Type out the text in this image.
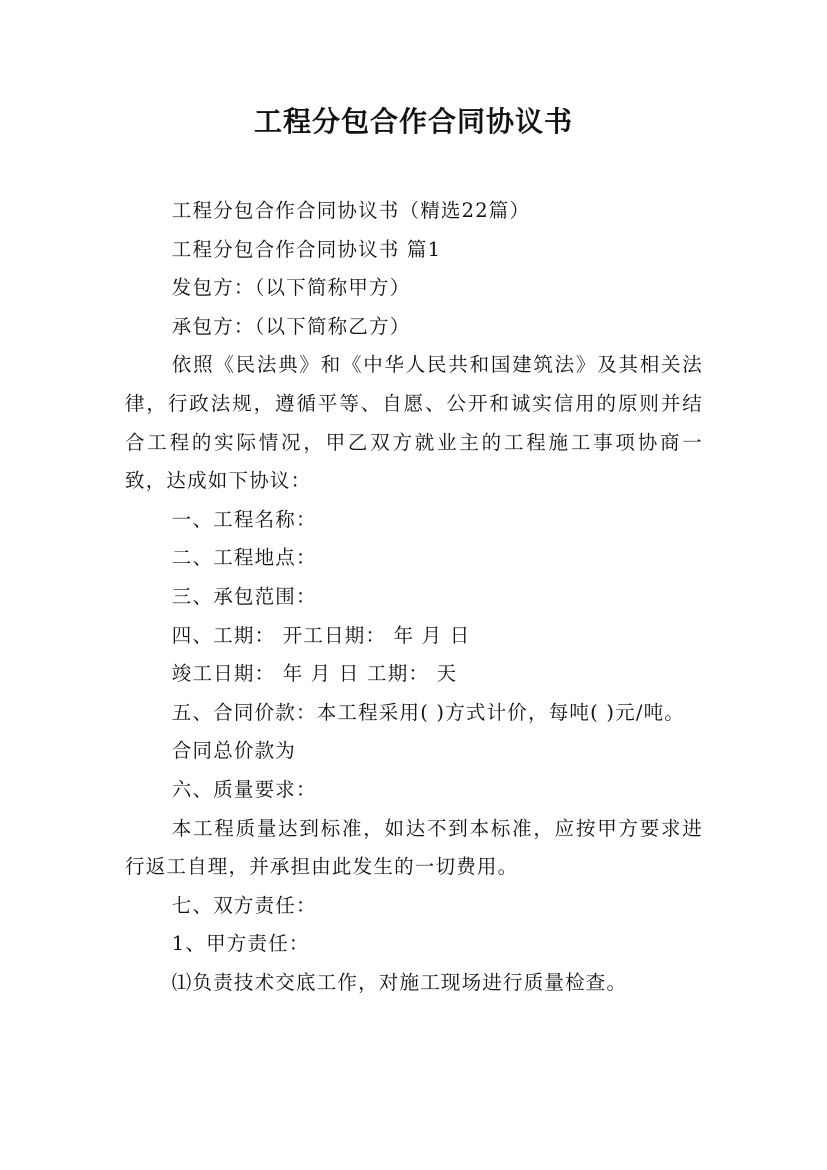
工程分包合作合同协议书

工程分包合作合同协议书（精选22篇）

工程分包合作合同协议书 篇1

发包方：（以下简称甲方）

承包方：（以下简称乙方）

依照《民法典》和《中华人民共和国建筑法》及其相关法律，行政法规，遵循平等、自愿、公开和诚实信用的原则并结合工程的实际情况，甲乙双方就业主的工程施工事项协商一致，达成如下协议：

一、工程名称：

二、工程地点：

三、承包范围：

四、工期： 开工日期： 年 月 日

竣工日期： 年 月 日 工期： 天

五、合同价款：本工程采用( )方式计价，每吨( )元/吨。

合同总价款为

六、质量要求：

本工程质量达到标准，如达不到本标准，应按甲方要求进行返工自理，并承担由此发生的一切费用。

七、双方责任：

1、甲方责任：

⑴负责技术交底工作，对施工现场进行质量检查。
